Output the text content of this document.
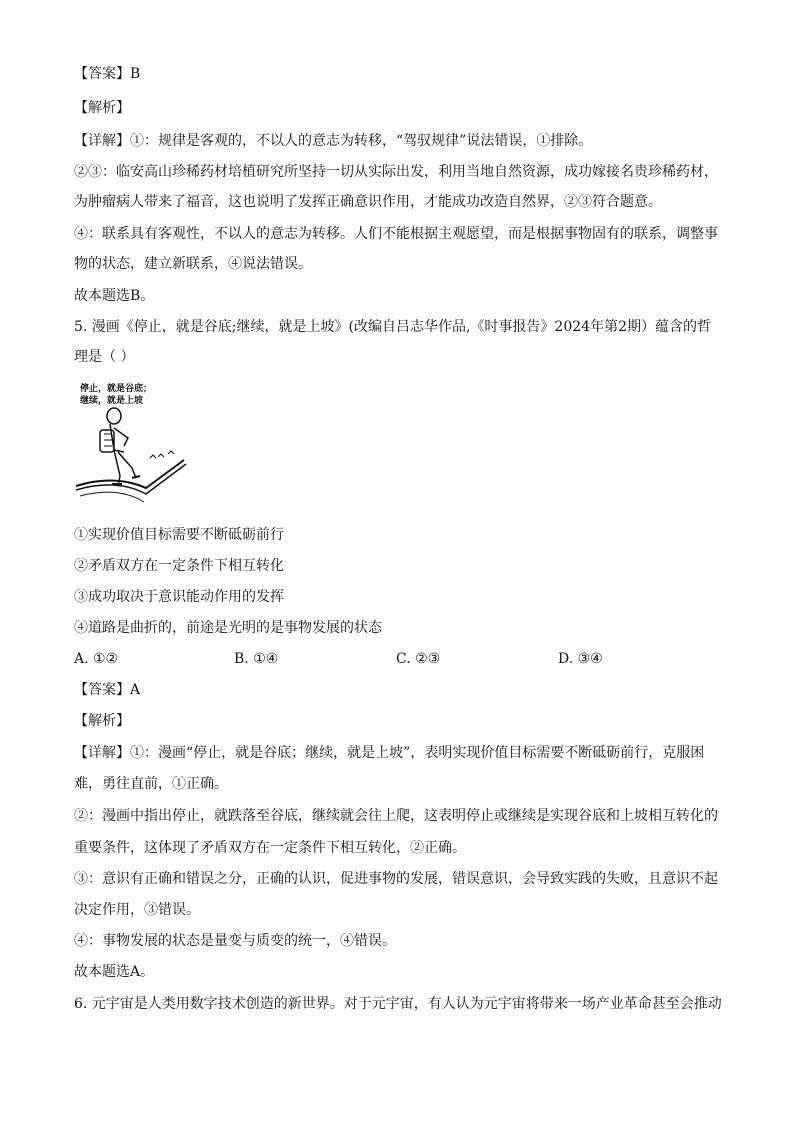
【答案】B
【解析】
【详解】①：规律是客观的，不以人的意志为转移，“驾驭规律”说法错误，①排除。
②③：临安高山珍稀药材培植研究所坚持一切从实际出发，利用当地自然资源，成功嫁接名贵珍稀药材，
为肿瘤病人带来了福音，这也说明了发挥正确意识作用，才能成功改造自然界，②③符合题意。
④：联系具有客观性，不以人的意志为转移。人们不能根据主观愿望，而是根据事物固有的联系，调整事
物的状态，建立新联系，④说法错误。
故本题选B。
5. 漫画《停止，就是谷底;继续，就是上坡》(改编自吕志华作品,《时事报告》2024年第2期）蕴含的哲
理是（ ）
停止，就是谷底；
继续，就是上坡
①实现价值目标需要不断砥砺前行
②矛盾双方在一定条件下相互转化
③成功取决于意识能动作用的发挥
④道路是曲折的，前途是光明的是事物发展的状态
A. ①②	B. ①④	C. ②③	D. ③④
【答案】A
【解析】
【详解】①：漫画“停止，就是谷底；继续，就是上坡”，表明实现价值目标需要不断砥砺前行，克服困
难，勇往直前，①正确。
②：漫画中指出停止，就跌落至谷底，继续就会往上爬，这表明停止或继续是实现谷底和上坡相互转化的
重要条件，这体现了矛盾双方在一定条件下相互转化，②正确。
③：意识有正确和错误之分，正确的认识，促进事物的发展，错误意识，会导致实践的失败，且意识不起
决定作用，③错误。
④：事物发展的状态是量变与质变的统一，④错误。
故本题选A。
6. 元宇宙是人类用数字技术创造的新世界。对于元宇宙，有人认为元宇宙将带来一场产业革命甚至会推动
